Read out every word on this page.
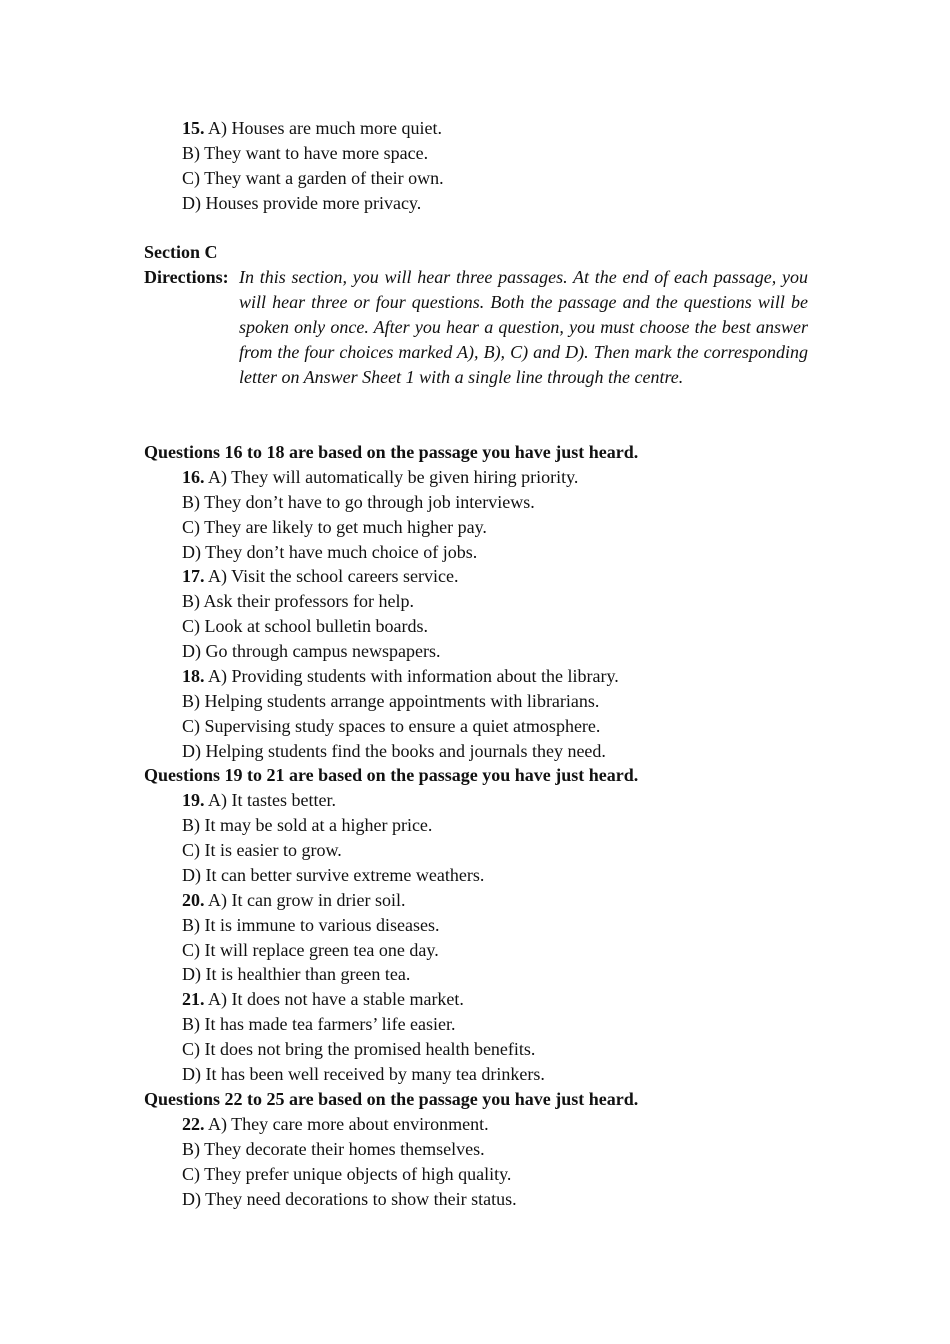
15. A) Houses are much more quiet.
B) They want to have more space.
C) They want a garden of their own.
D) Houses provide more privacy.
Section C
Directions: In this section, you will hear three passages. At the end of each passage, you will hear three or four questions. Both the passage and the questions will be spoken only once. After you hear a question, you must choose the best answer from the four choices marked A), B), C) and D). Then mark the corresponding letter on Answer Sheet 1 with a single line through the centre.
Questions 16 to 18 are based on the passage you have just heard.
16. A) They will automatically be given hiring priority.
B) They don’t have to go through job interviews.
C) They are likely to get much higher pay.
D) They don’t have much choice of jobs.
17. A) Visit the school careers service.
B) Ask their professors for help.
C) Look at school bulletin boards.
D) Go through campus newspapers.
18. A) Providing students with information about the library.
B) Helping students arrange appointments with librarians.
C) Supervising study spaces to ensure a quiet atmosphere.
D) Helping students find the books and journals they need.
Questions 19 to 21 are based on the passage you have just heard.
19. A) It tastes better.
B) It may be sold at a higher price.
C) It is easier to grow.
D) It can better survive extreme weathers.
20. A) It can grow in drier soil.
B) It is immune to various diseases.
C) It will replace green tea one day.
D) It is healthier than green tea.
21. A) It does not have a stable market.
B) It has made tea farmers’ life easier.
C) It does not bring the promised health benefits.
D) It has been well received by many tea drinkers.
Questions 22 to 25 are based on the passage you have just heard.
22. A) They care more about environment.
B) They decorate their homes themselves.
C) They prefer unique objects of high quality.
D) They need decorations to show their status.
